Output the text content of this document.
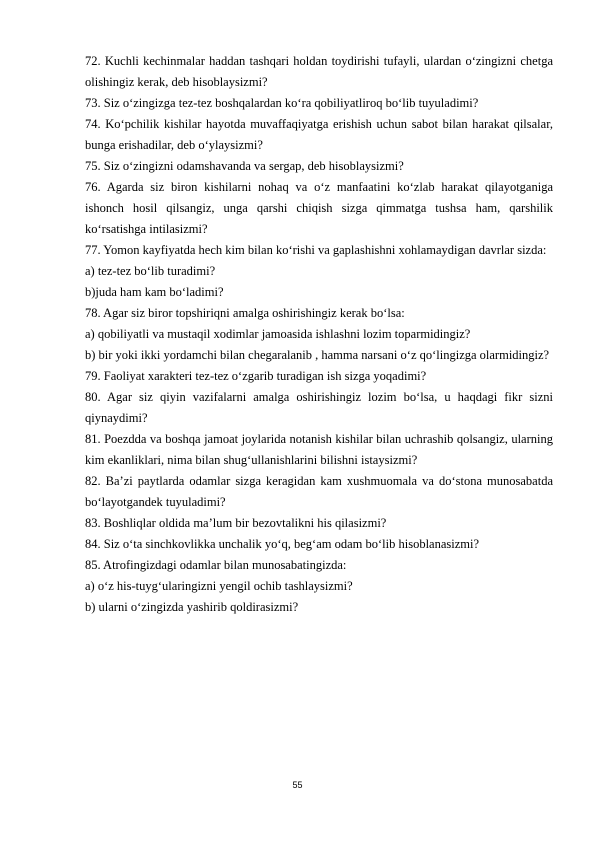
72. Kuchli kechinmalar haddan tashqari holdan toydirishi tufayli, ulardan o‘zingizni chetga olishingiz kerak, deb hisoblaysizmi?

73. Siz o‘zingizga tez-tez boshqalardan ko‘ra qobiliyatliroq bo‘lib tuyuladimi?

74. Ko‘pchilik kishilar hayotda muvaffaqiyatga erishish uchun sabot bilan harakat qilsalar, bunga erishadilar, deb o‘ylaysizmi?

75. Siz o‘zingizni odamshavanda va sergap, deb hisoblaysizmi?

76. Agarda siz biron kishilarni nohaq va o‘z manfaatini ko‘zlab harakat qilayotganiga ishonch hosil qilsangiz, unga qarshi chiqish sizga qimmatga tushsa ham, qarshilik ko‘rsatishga intilasizmi?

77. Yomon kayfiyatda hech kim bilan ko‘rishi va gaplashishni xohlamaydigan davrlar sizda:

a) tez-tez bo‘lib turadimi?

b)juda ham kam bo‘ladimi?

78. Agar siz biror topshiriqni amalga oshirishingiz kerak bo‘lsa:

a) qobiliyatli va mustaqil xodimlar jamoasida ishlashni lozim toparmidingiz?

b) bir yoki ikki yordamchi bilan chegaralanib , hamma narsani o‘z qo‘lingizga olarmidingiz?

79. Faoliyat xarakteri tez-tez o‘zgarib turadigan ish sizga yoqadimi?

80. Agar siz qiyin vazifalarni amalga oshirishingiz lozim bo‘lsa, u haqdagi fikr sizni qiynaydimi?

81. Poezdda va boshqa jamoat joylarida notanish kishilar bilan uchrashib qolsangiz, ularning kim ekanliklari, nima bilan shug‘ullanishlarini bilishni istaysizmi?

82. Ba’zi paytlarda odamlar sizga keragidan kam xushmuomala va do‘stona munosabatda bo‘layotgandek tuyuladimi?

83. Boshliqlar oldida ma’lum bir bezovtalikni his qilasizmi?

84. Siz o‘ta sinchkovlikka unchalik yo‘q, beg‘am odam bo‘lib hisoblanasizmi?

85. Atrofingizdagi odamlar bilan munosabatingizda:

a) o‘z his-tuyg‘ularingizni yengil ochib tashlaysizmi?

b) ularni o‘zingizda yashirib qoldirasizmi?

55
